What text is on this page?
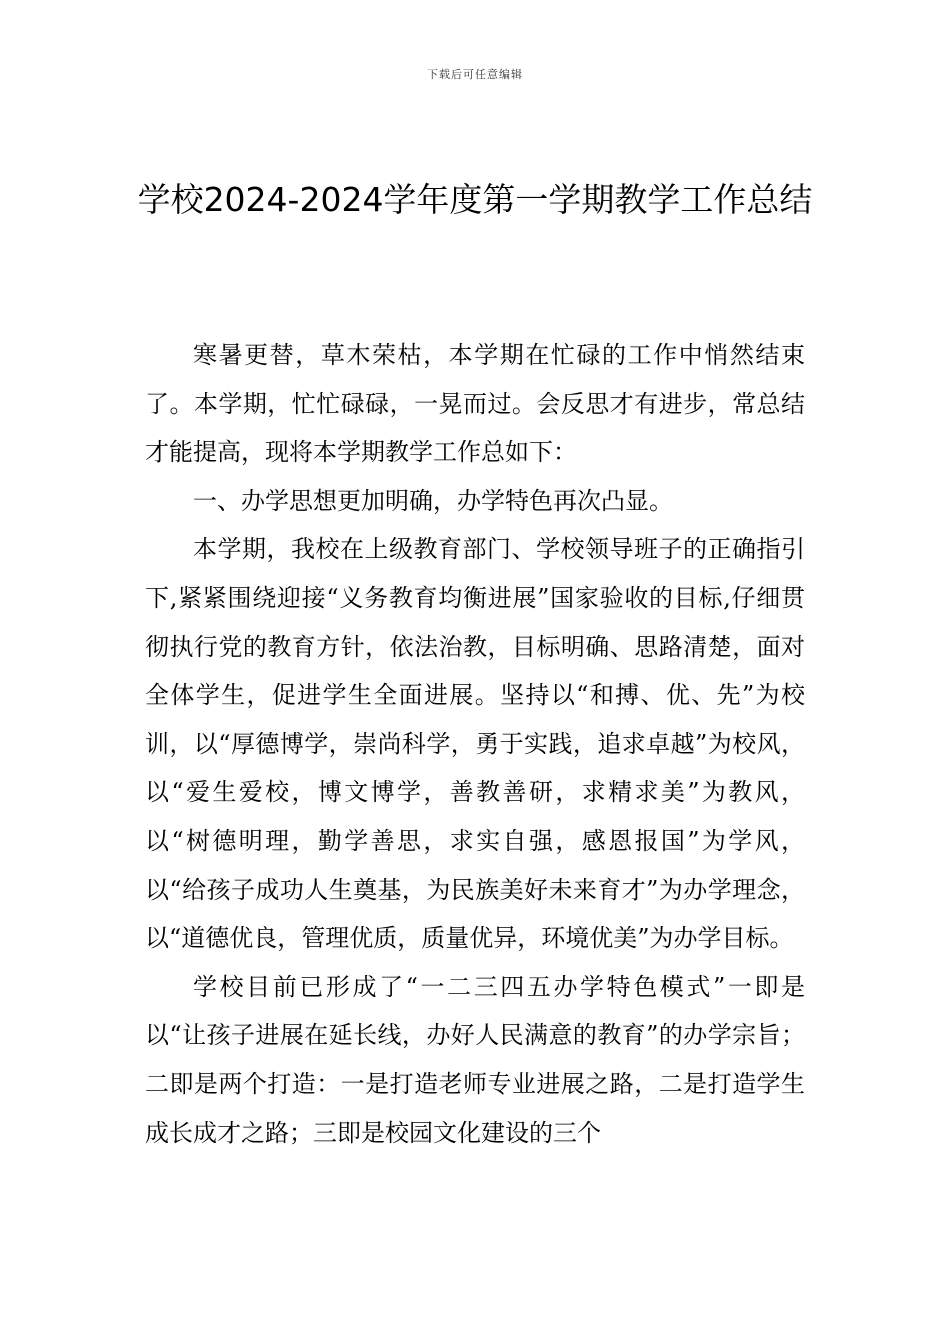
下载后可任意编辑
学校2024-2024学年度第一学期教学工作总结

寒暑更替，草木荣枯，本学期在忙碌的工作中悄然结束了。本学期，忙忙碌碌，一晃而过。会反思才有进步，常总结才能提高，现将本学期教学工作总如下：

一、办学思想更加明确，办学特色再次凸显。

本学期，我校在上级教育部门、学校领导班子的正确指引下,紧紧围绕迎接“义务教育均衡进展”国家验收的目标,仔细贯彻执行党的教育方针，依法治教，目标明确、思路清楚，面对全体学生，促进学生全面进展。坚持以“和搏、优、先”为校训，以“厚德博学，崇尚科学，勇于实践，追求卓越”为校风，以“爱生爱校，博文博学，善教善研，求精求美”为教风，以“树德明理，勤学善思，求实自强，感恩报国”为学风，以“给孩子成功人生奠基，为民族美好未来育才”为办学理念，以“道德优良，管理优质，质量优异，环境优美”为办学目标。

学校目前已形成了“一二三四五办学特色模式”一即是以“让孩子进展在延长线，办好人民满意的教育”的办学宗旨；二即是两个打造：一是打造老师专业进展之路，二是打造学生成长成才之路；三即是校园文化建设的三个
